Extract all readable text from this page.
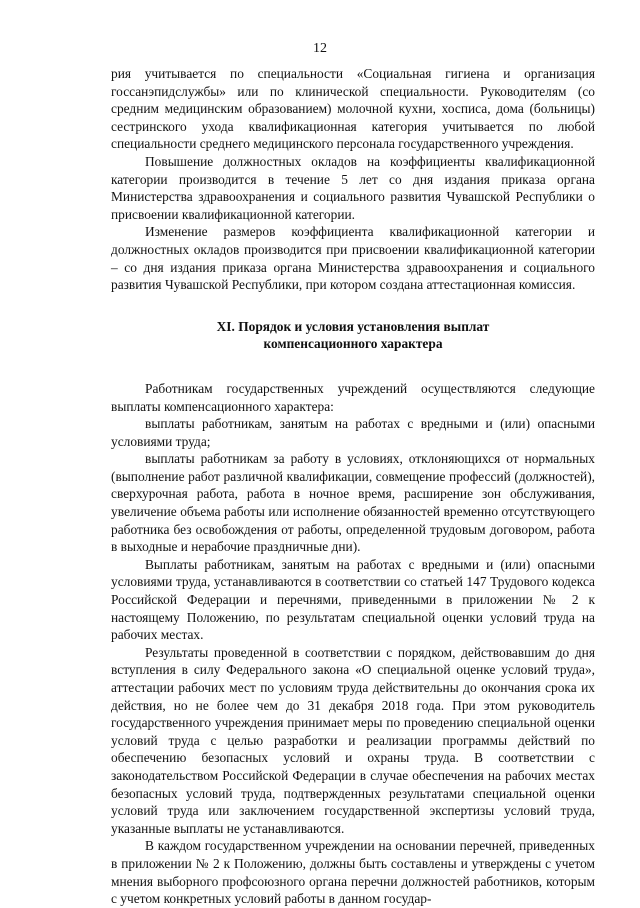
12

рия учитывается по специальности «Социальная гигиена и организация госсанэпидслужбы» или по клинической специальности. Руководителям (со средним медицинским образованием) молочной кухни, хосписа, дома (больницы) сестринского ухода квалификационная категория учитывается по любой специальности среднего медицинского персонала государственного учреждения.

Повышение должностных окладов на коэффициенты квалификационной категории производится в течение 5 лет со дня издания приказа органа Министерства здравоохранения и социального развития Чувашской Республики о присвоении квалификационной категории.

Изменение размеров коэффициента квалификационной категории и должностных окладов производится при присвоении квалификационной категории – со дня издания приказа органа Министерства здравоохранения и социального развития Чувашской Республики, при котором создана аттестационная комиссия.

XI. Порядок и условия установления выплат
компенсационного характера

Работникам государственных учреждений осуществляются следующие выплаты компенсационного характера:

выплаты работникам, занятым на работах с вредными и (или) опасными условиями труда;

выплаты работникам за работу в условиях, отклоняющихся от нормальных (выполнение работ различной квалификации, совмещение профессий (должностей), сверхурочная работа, работа в ночное время, расширение зон обслуживания, увеличение объема работы или исполнение обязанностей временно отсутствующего работника без освобождения от работы, определенной трудовым договором, работа в выходные и нерабочие праздничные дни).

Выплаты работникам, занятым на работах с вредными и (или) опасными условиями труда, устанавливаются в соответствии со статьей 147 Трудового кодекса Российской Федерации и перечнями, приведенными в приложении № 2 к настоящему Положению, по результатам специальной оценки условий труда на рабочих местах.

Результаты проведенной в соответствии с порядком, действовавшим до дня вступления в силу Федерального закона «О специальной оценке условий труда», аттестации рабочих мест по условиям труда действительны до окончания срока их действия, но не более чем до 31 декабря 2018 года. При этом руководитель государственного учреждения принимает меры по проведению специальной оценки условий труда с целью разработки и реализации программы действий по обеспечению безопасных условий и охраны труда. В соответствии с законодательством Российской Федерации в случае обеспечения на рабочих местах безопасных условий труда, подтвержденных результатами специальной оценки условий труда или заключением государственной экспертизы условий труда, указанные выплаты не устанавливаются.

В каждом государственном учреждении на основании перечней, приведенных в приложении № 2 к Положению, должны быть составлены и утверждены с учетом мнения выборного профсоюзного органа перечни должностей работников, которым с учетом конкретных условий работы в данном государ-
